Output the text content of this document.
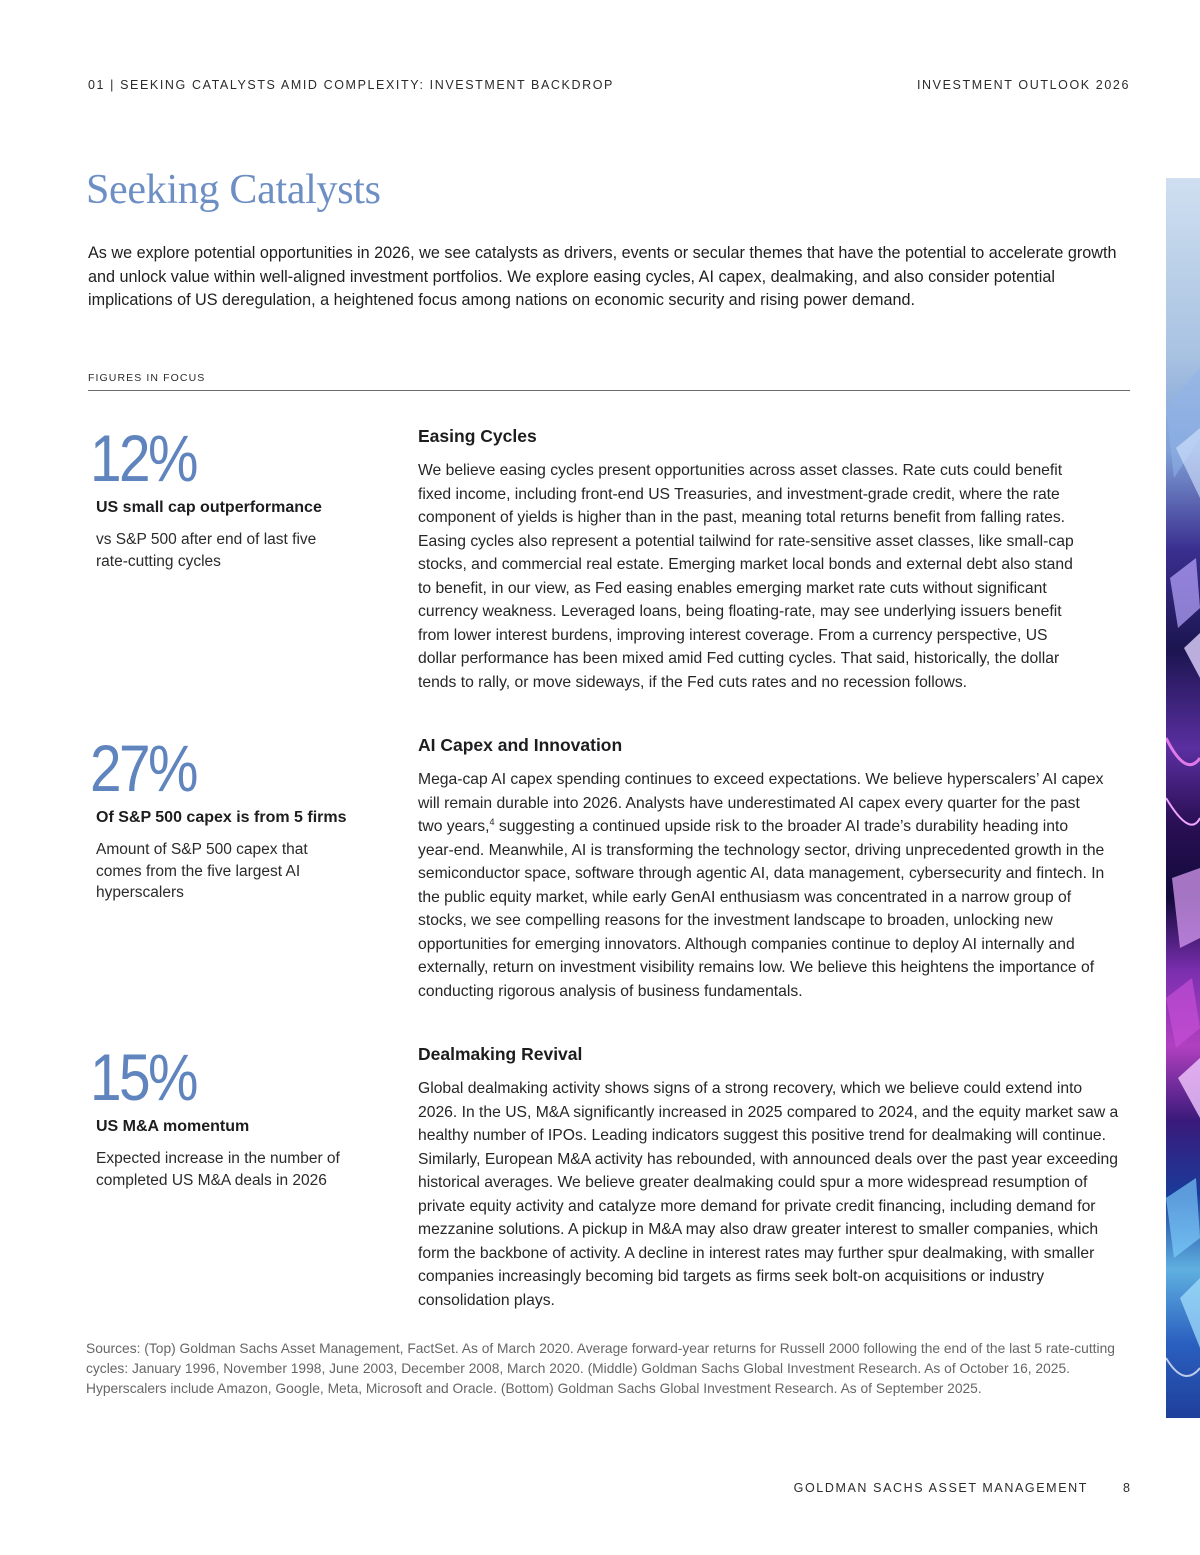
01 | SEEKING CATALYSTS AMID COMPLEXITY: INVESTMENT BACKDROP	INVESTMENT OUTLOOK 2026
Seeking Catalysts

As we explore potential opportunities in 2026, we see catalysts as drivers, events or secular themes that have the potential to accelerate growth and unlock value within well-aligned investment portfolios. We explore easing cycles, AI capex, dealmaking, and also consider potential implications of US deregulation, a heightened focus among nations on economic security and rising power demand.

FIGURES IN FOCUS
12%
US small cap outperformance
vs S&P 500 after end of last five rate-cutting cycles
27%
Of S&P 500 capex is from 5 firms
Amount of S&P 500 capex that comes from the five largest AI hyperscalers
15%
US M&A momentum
Expected increase in the number of completed US M&A deals in 2026
Easing Cycles

We believe easing cycles present opportunities across asset classes. Rate cuts could benefit fixed income, including front-end US Treasuries, and investment-grade credit, where the rate component of yields is higher than in the past, meaning total returns benefit from falling rates. Easing cycles also represent a potential tailwind for rate-sensitive asset classes, like small-cap stocks, and commercial real estate. Emerging market local bonds and external debt also stand to benefit, in our view, as Fed easing enables emerging market rate cuts without significant currency weakness. Leveraged loans, being floating-rate, may see underlying issuers benefit from lower interest burdens, improving interest coverage. From a currency perspective, US dollar performance has been mixed amid Fed cutting cycles. That said, historically, the dollar tends to rally, or move sideways, if the Fed cuts rates and no recession follows.

AI Capex and Innovation

Mega-cap AI capex spending continues to exceed expectations. We believe hyperscalers’ AI capex will remain durable into 2026. Analysts have underestimated AI capex every quarter for the past two years,$^4$ suggesting a continued upside risk to the broader AI trade’s durability heading into year-end. Meanwhile, AI is transforming the technology sector, driving unprecedented growth in the semiconductor space, software through agentic AI, data management, cybersecurity and fintech. In the public equity market, while early GenAI enthusiasm was concentrated in a narrow group of stocks, we see compelling reasons for the investment landscape to broaden, unlocking new opportunities for emerging innovators. Although companies continue to deploy AI internally and externally, return on investment visibility remains low. We believe this heightens the importance of conducting rigorous analysis of business fundamentals.

Dealmaking Revival

Global dealmaking activity shows signs of a strong recovery, which we believe could extend into 2026. In the US, M&A significantly increased in 2025 compared to 2024, and the equity market saw a healthy number of IPOs. Leading indicators suggest this positive trend for dealmaking will continue. Similarly, European M&A activity has rebounded, with announced deals over the past year exceeding historical averages. We believe greater dealmaking could spur a more widespread resumption of private equity activity and catalyze more demand for private credit financing, including demand for mezzanine solutions. A pickup in M&A may also draw greater interest to smaller companies, which form the backbone of activity. A decline in interest rates may further spur dealmaking, with smaller companies increasingly becoming bid targets as firms seek bolt-on acquisitions or industry consolidation plays.

Sources: (Top) Goldman Sachs Asset Management, FactSet. As of March 2020. Average forward-year returns for Russell 2000 following the end of the last 5 rate-cutting cycles: January 1996, November 1998, June 2003, December 2008, March 2020. (Middle) Goldman Sachs Global Investment Research. As of October 16, 2025. Hyperscalers include Amazon, Google, Meta, Microsoft and Oracle. (Bottom) Goldman Sachs Global Investment Research. As of September 2025.

GOLDMAN SACHS ASSET MANAGEMENT	8
